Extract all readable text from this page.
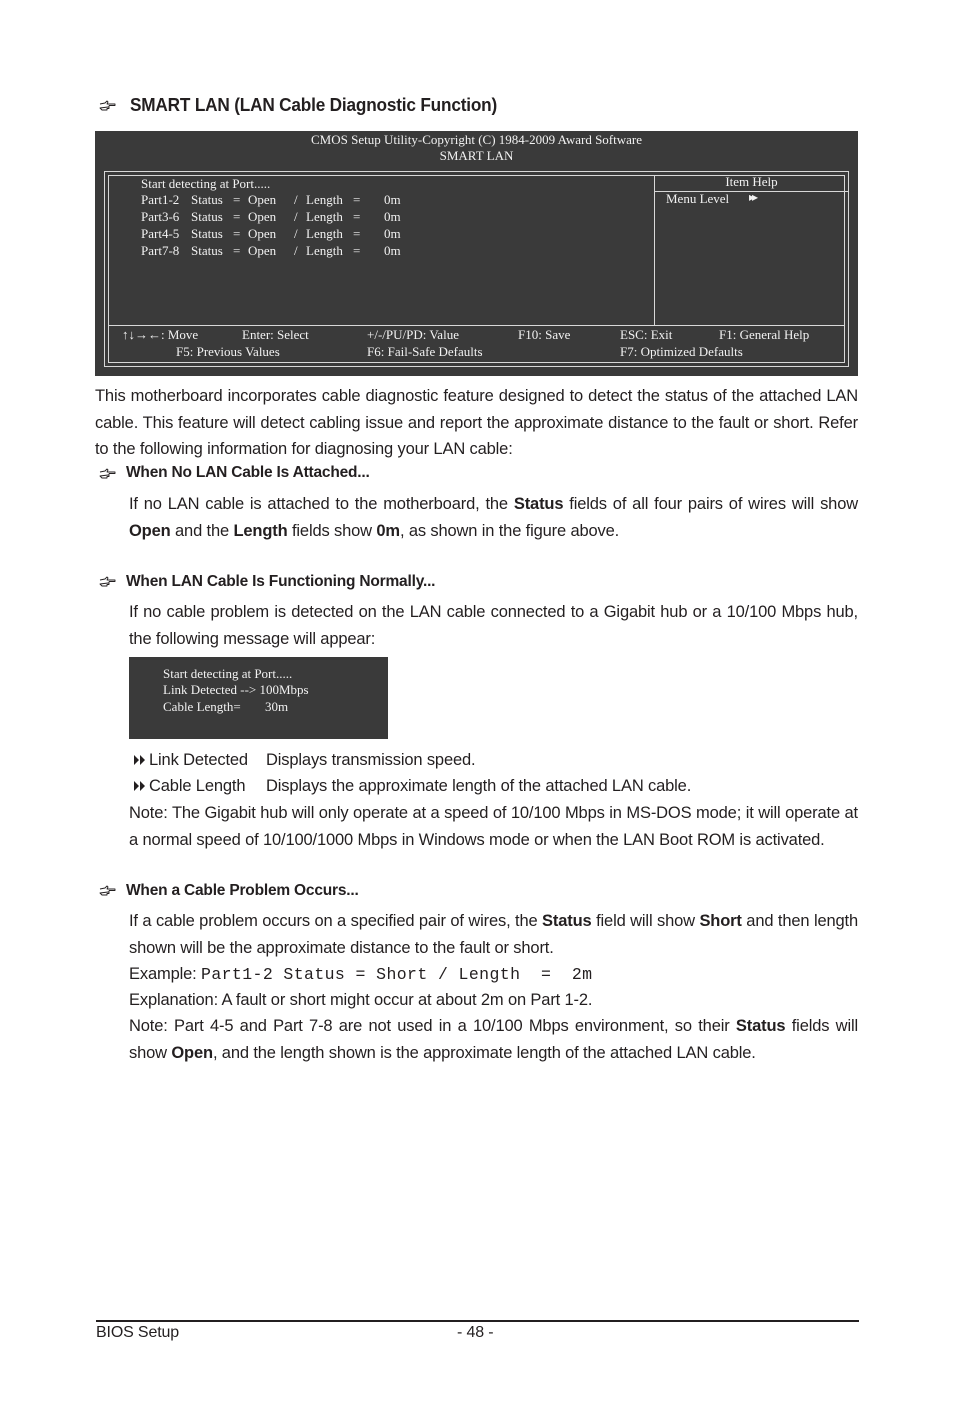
SMART LAN (LAN Cable Diagnostic Function)
CMOS Setup Utility-Copyright (C) 1984-2009 Award Software
SMART LAN
Start detecting at Port.....
Part1-2 Status = Open / Length = 0m
Part3-6 Status = Open / Length = 0m
Part4-5 Status = Open / Length = 0m
Part7-8 Status = Open / Length = 0m
Item Help
Menu Level ▸▸
↑↓→←: Move	Enter: Select	+/-/PU/PD: Value	F10: Save	ESC: Exit	F1: General Help
F5: Previous Values	F6: Fail-Safe Defaults	F7: Optimized Defaults
This motherboard incorporates cable diagnostic feature designed to detect the status of the attached LAN cable. This feature will detect cabling issue and report the approximate distance to the fault or short. Refer to the following information for diagnosing your LAN cable:
When No LAN Cable Is Attached...
If no LAN cable is attached to the motherboard, the Status fields of all four pairs of wires will show Open and the Length fields show 0m, as shown in the figure above.
When LAN Cable Is Functioning Normally...
If no cable problem is detected on the LAN cable connected to a Gigabit hub or a 10/100 Mbps hub, the following message will appear:
Start detecting at Port.....
Link Detected --> 100Mbps
Cable Length= 30m
Link Detected Displays transmission speed.
Cable Length Displays the approximate length of the attached LAN cable.
Note: The Gigabit hub will only operate at a speed of 10/100 Mbps in MS-DOS mode; it will operate at a normal speed of 10/100/1000 Mbps in Windows mode or when the LAN Boot ROM is activated.
When a Cable Problem Occurs...
If a cable problem occurs on a specified pair of wires, the Status field will show Short and then length shown will be the approximate distance to the fault or short.
Example: Part1-2 Status = Short / Length  =  2m
Explanation: A fault or short might occur at about 2m on Part 1-2.
Note: Part 4-5 and Part 7-8 are not used in a 10/100 Mbps environment, so their Status fields will show Open, and the length shown is the approximate length of the attached LAN cable.
BIOS Setup	- 48 -
